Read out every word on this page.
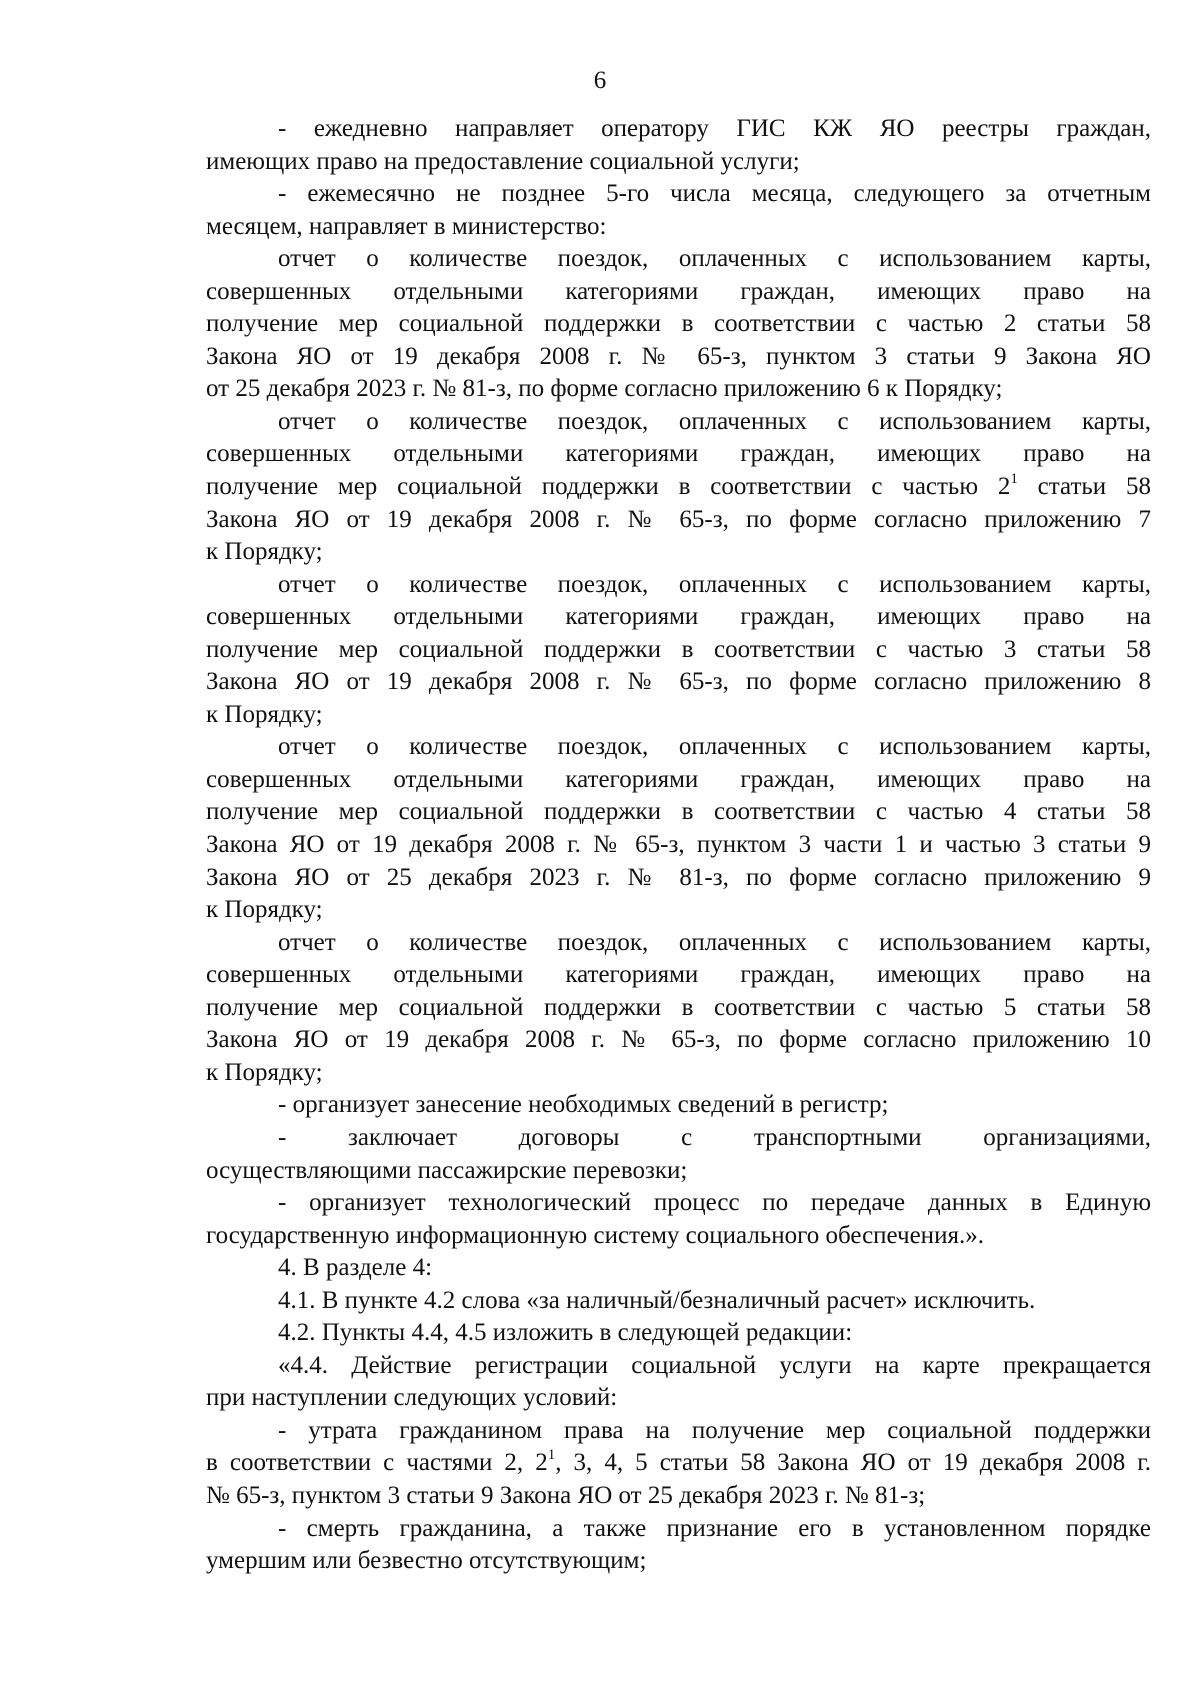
6
- ежедневно направляет оператору ГИС КЖ ЯО реестры граждан,
имеющих право на предоставление социальной услуги;
- ежемесячно не позднее 5-го числа месяца, следующего за отчетным
месяцем, направляет в министерство:
отчет о количестве поездок, оплаченных с использованием карты,
совершенных отдельными категориями граждан, имеющих право на
получение мер социальной поддержки в соответствии с частью 2 статьи 58
Закона ЯО от 19 декабря 2008 г. № 65-з, пунктом 3 статьи 9 Закона ЯО
от 25 декабря 2023 г. № 81-з, по форме согласно приложению 6 к Порядку;
отчет о количестве поездок, оплаченных с использованием карты,
совершенных отдельными категориями граждан, имеющих право на
получение мер социальной поддержки в соответствии с частью $2^1$ статьи 58
Закона ЯО от 19 декабря 2008 г. № 65-з, по форме согласно приложению 7
к Порядку;
отчет о количестве поездок, оплаченных с использованием карты,
совершенных отдельными категориями граждан, имеющих право на
получение мер социальной поддержки в соответствии с частью 3 статьи 58
Закона ЯО от 19 декабря 2008 г. № 65-з, по форме согласно приложению 8
к Порядку;
отчет о количестве поездок, оплаченных с использованием карты,
совершенных отдельными категориями граждан, имеющих право на
получение мер социальной поддержки в соответствии с частью 4 статьи 58
Закона ЯО от 19 декабря 2008 г. № 65-з, пунктом 3 части 1 и частью 3 статьи 9
Закона ЯО от 25 декабря 2023 г. № 81-з, по форме согласно приложению 9
к Порядку;
отчет о количестве поездок, оплаченных с использованием карты,
совершенных отдельными категориями граждан, имеющих право на
получение мер социальной поддержки в соответствии с частью 5 статьи 58
Закона ЯО от 19 декабря 2008 г. № 65-з, по форме согласно приложению 10
к Порядку;
- организует занесение необходимых сведений в регистр;
- заключает договоры с транспортными организациями,
осуществляющими пассажирские перевозки;
- организует технологический процесс по передаче данных в Единую
государственную информационную систему социального обеспечения.».
4. В разделе 4:
4.1. В пункте 4.2 слова «за наличный/безналичный расчет» исключить.
4.2. Пункты 4.4, 4.5 изложить в следующей редакции:
«4.4. Действие регистрации социальной услуги на карте прекращается
при наступлении следующих условий:
- утрата гражданином права на получение мер социальной поддержки
в соответствии с частями 2, $2^1$, 3, 4, 5 статьи 58 Закона ЯО от 19 декабря 2008 г.
№ 65-з, пунктом 3 статьи 9 Закона ЯО от 25 декабря 2023 г. № 81-з;
- смерть гражданина, а также признание его в установленном порядке
умершим или безвестно отсутствующим;
